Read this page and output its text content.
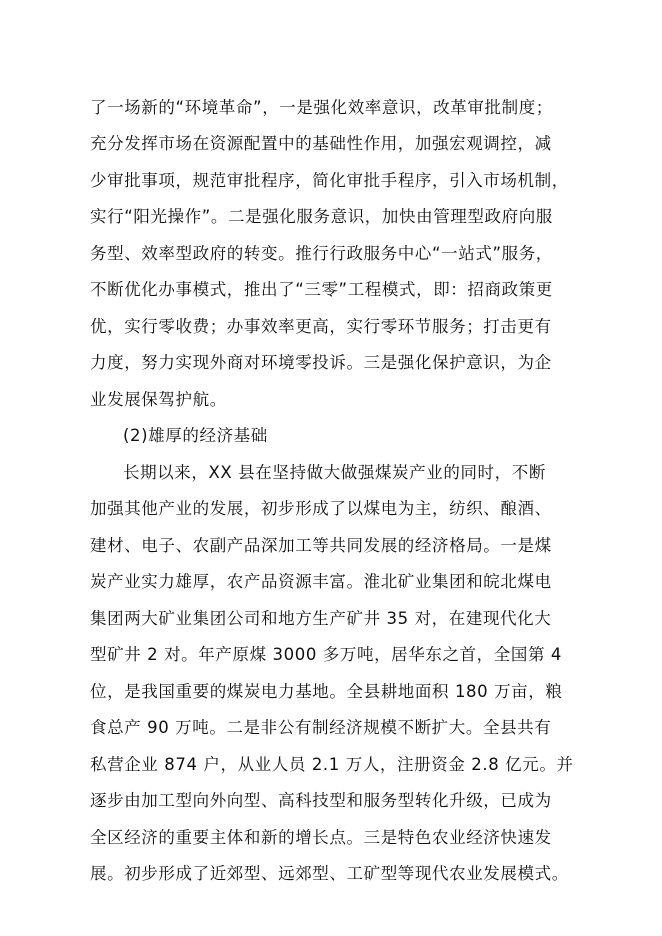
了一场新的“环境革命”，一是强化效率意识，改革审批制度；
充分发挥市场在资源配置中的基础性作用，加强宏观调控，减
少审批事项，规范审批程序，简化审批手程序，引入市场机制，
实行“阳光操作”。二是强化服务意识，加快由管理型政府向服
务型、效率型政府的转变。推行行政服务中心“一站式”服务，
不断优化办事模式，推出了“三零”工程模式，即：招商政策更
优，实行零收费；办事效率更高，实行零环节服务；打击更有
力度，努力实现外商对环境零投诉。三是强化保护意识，为企
业发展保驾护航。
(2)雄厚的经济基础
长期以来，XX 县在坚持做大做强煤炭产业的同时，不断
加强其他产业的发展，初步形成了以煤电为主，纺织、酿酒、
建材、电子、农副产品深加工等共同发展的经济格局。一是煤
炭产业实力雄厚，农产品资源丰富。淮北矿业集团和皖北煤电
集团两大矿业集团公司和地方生产矿井 35 对，在建现代化大
型矿井 2 对。年产原煤 3000 多万吨，居华东之首，全国第 4
位，是我国重要的煤炭电力基地。全县耕地面积 180 万亩，粮
食总产 90 万吨。二是非公有制经济规模不断扩大。全县共有
私营企业 874 户，从业人员 2.1 万人，注册资金 2.8 亿元。并
逐步由加工型向外向型、高科技型和服务型转化升级，已成为
全区经济的重要主体和新的增长点。三是特色农业经济快速发
展。初步形成了近郊型、远郊型、工矿型等现代农业发展模式。
